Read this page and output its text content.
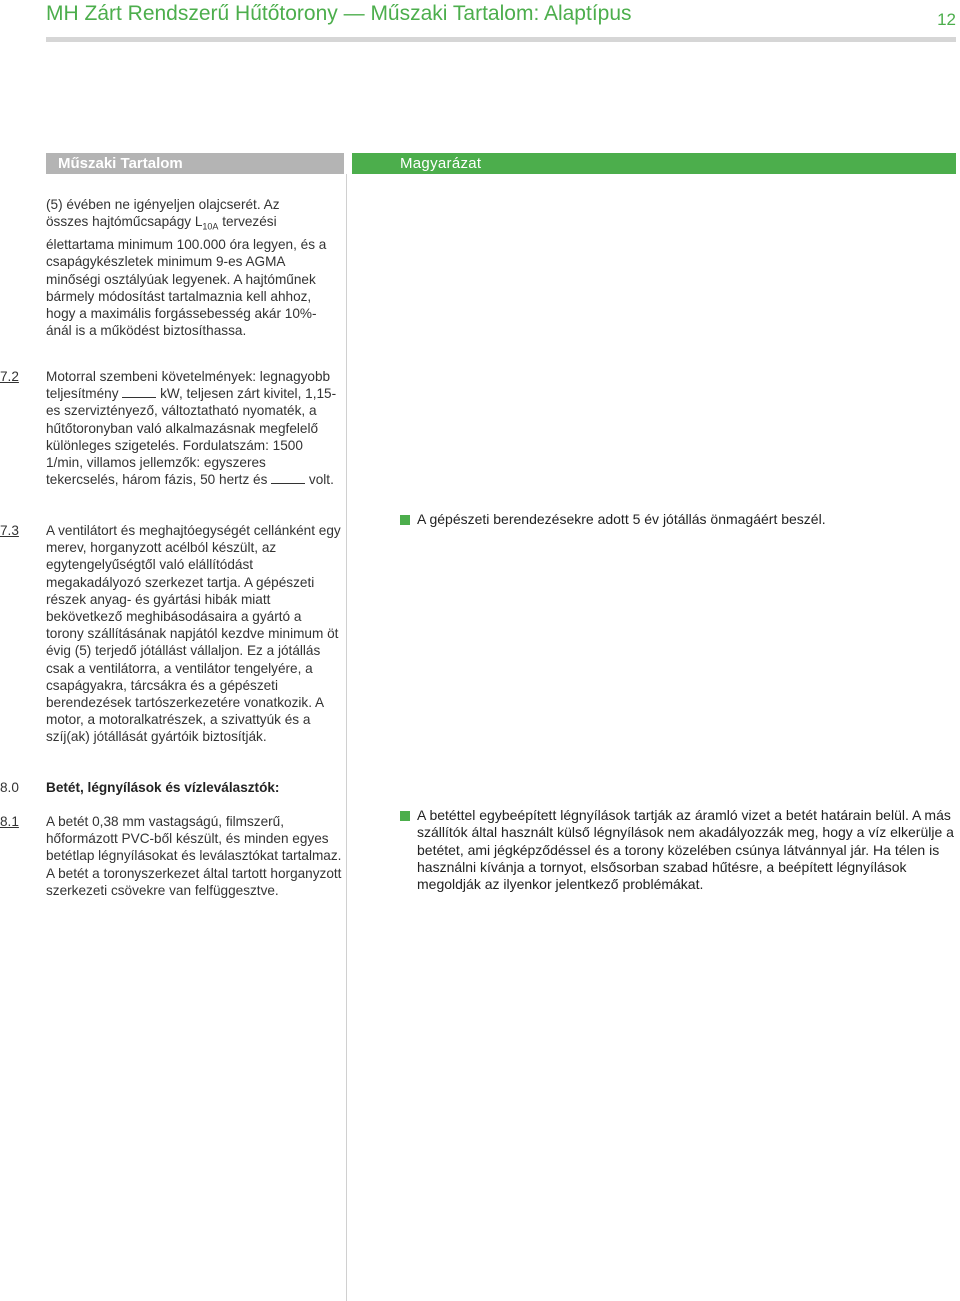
MH Zárt Rendszerű Hűtőtorony — Műszaki Tartalom: Alaptípus	12
Műszaki Tartalom	Magyarázat

(5) évében ne igényeljen olajcserét. Az

összes hajtóműcsapágy $L_{10A}$ tervezési

élettartama minimum 100.000 óra legyen, és a csapágykészletek minimum 9-es AGMA minőségi osztályúak legyenek. A hajtóműnek bármely módosítást tartalmaznia kell ahhoz, hogy a maximális forgássebesség akár 10%-ánál is a működést biztosíthassa.

7.2 Motorral szembeni követelmények: legnagyobb teljesítmény	kW, teljesen zárt kivitel, 1,15-es szerviztényező, változtatható nyomaték, a hűtőtoronyban való alkalmazásnak megfelelő különleges szigetelés. Fordulatszám: 1500 1/min, villamos jellemzők: egyszeres tekercselés, három fázis, 50 hertz és	volt.

7.3 A ventilátort és meghajtóegységét cellánként egy merev, horganyzott acélból készült, az egytengelyűségtől való elállítódást megakadályozó szerkezet tartja. A gépészeti részek anyag- és gyártási hibák miatt bekövetkező meghibásodásaira a gyártó a torony szállításának napjától kezdve minimum öt évig (5) terjedő jótállást vállaljon. Ez a jótállás csak a ventilátorra, a ventilátor tengelyére, a csapágyakra, tárcsákra és a gépészeti berendezések tartószerkezetére vonatkozik. A motor, a motoralkatrészek, a szivattyúk és a szíj(ak) jótállását gyártóik biztosítják.
8.0 Betét, légnyílások és vízleválasztók:
8.1 A betét 0,38 mm vastagságú, filmszerű, hőformázott PVC-ből készült, és minden egyes betétlap légnyílásokat és leválasztókat tartalmaz. A betét a toronyszerkezet által tartott horganyzott szerkezeti csövekre van felfüggesztve.
A gépészeti berendezésekre adott 5 év jótállás önmagáért beszél.
A betéttel egybeépített légnyílások tartják az áramló vizet a betét határain belül. A más szállítók által használt külső légnyílások nem akadályozzák meg, hogy a víz elkerülje a betétet, ami jégképződéssel és a torony közelében csúnya látvánnyal jár. Ha télen is használni kívánja a tornyot, elsősorban szabad hűtésre, a beépített légnyílások megoldják az ilyenkor jelentkező problémákat.
